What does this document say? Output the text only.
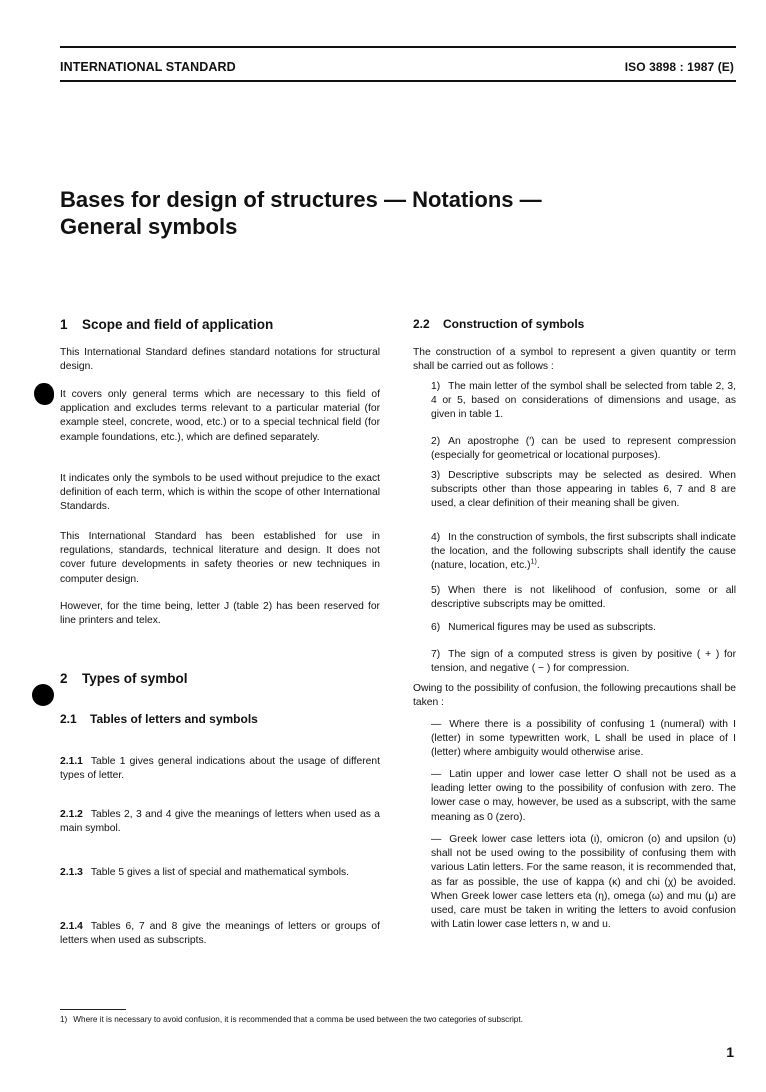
INTERNATIONAL STANDARD	ISO 3898 : 1987 (E)
Bases for design of structures — Notations —
General symbols
1 Scope and field of application

This International Standard defines standard notations for structural design.

It covers only general terms which are necessary to this field of application and excludes terms relevant to a particular material (for example steel, concrete, wood, etc.) or to a special technical field (for example foundations, etc.), which are defined separately.

It indicates only the symbols to be used without prejudice to the exact definition of each term, which is within the scope of other International Standards.

This International Standard has been established for use in regulations, standards, technical literature and design. It does not cover future developments in safety theories or new techniques in computer design.

However, for the time being, letter J (table 2) has been reserved for line printers and telex.

2 Types of symbol
2.1 Tables of letters and symbols

2.1.1 Table 1 gives general indications about the usage of different types of letter.

2.1.2 Tables 2, 3 and 4 give the meanings of letters when used as a main symbol.

2.1.3 Table 5 gives a list of special and mathematical symbols.

2.1.4 Tables 6, 7 and 8 give the meanings of letters or groups of letters when used as subscripts.

2.2 Construction of symbols

The construction of a symbol to represent a given quantity or term shall be carried out as follows :

1) The main letter of the symbol shall be selected from table 2, 3, 4 or 5, based on considerations of dimensions and usage, as given in table 1.

2) An apostrophe (′) can be used to represent compression (especially for geometrical or locational purposes).

3) Descriptive subscripts may be selected as desired. When subscripts other than those appearing in tables 6, 7 and 8 are used, a clear definition of their meaning shall be given.

4) In the construction of symbols, the first subscripts shall indicate the location, and the following subscripts shall identify the cause (nature, location, etc.)$^{1)}$.

5) When there is not likelihood of confusion, some or all descriptive subscripts may be omitted.

6) Numerical figures may be used as subscripts.

7) The sign of a computed stress is given by positive ( + ) for tension, and negative ( − ) for compression.

Owing to the possibility of confusion, the following precautions shall be taken :

— Where there is a possibility of confusing 1 (numeral) with I (letter) in some typewritten work, L shall be used in place of I (letter) where ambiguity would otherwise arise.

— Latin upper and lower case letter O shall not be used as a leading letter owing to the possibility of confusion with zero. The lower case o may, however, be used as a subscript, with the same meaning as 0 (zero).

— Greek lower case letters iota (ι), omicron (ο) and upsilon (υ) shall not be used owing to the possibility of confusing them with various Latin letters. For the same reason, it is recommended that, as far as possible, the use of kappa (κ) and chi (χ) be avoided. When Greek lower case letters eta (η), omega (ω) and mu (μ) are used, care must be taken in writing the letters to avoid confusion with Latin lower case letters n, w and u.

1) Where it is necessary to avoid confusion, it is recommended that a comma be used between the two categories of subscript.
1
